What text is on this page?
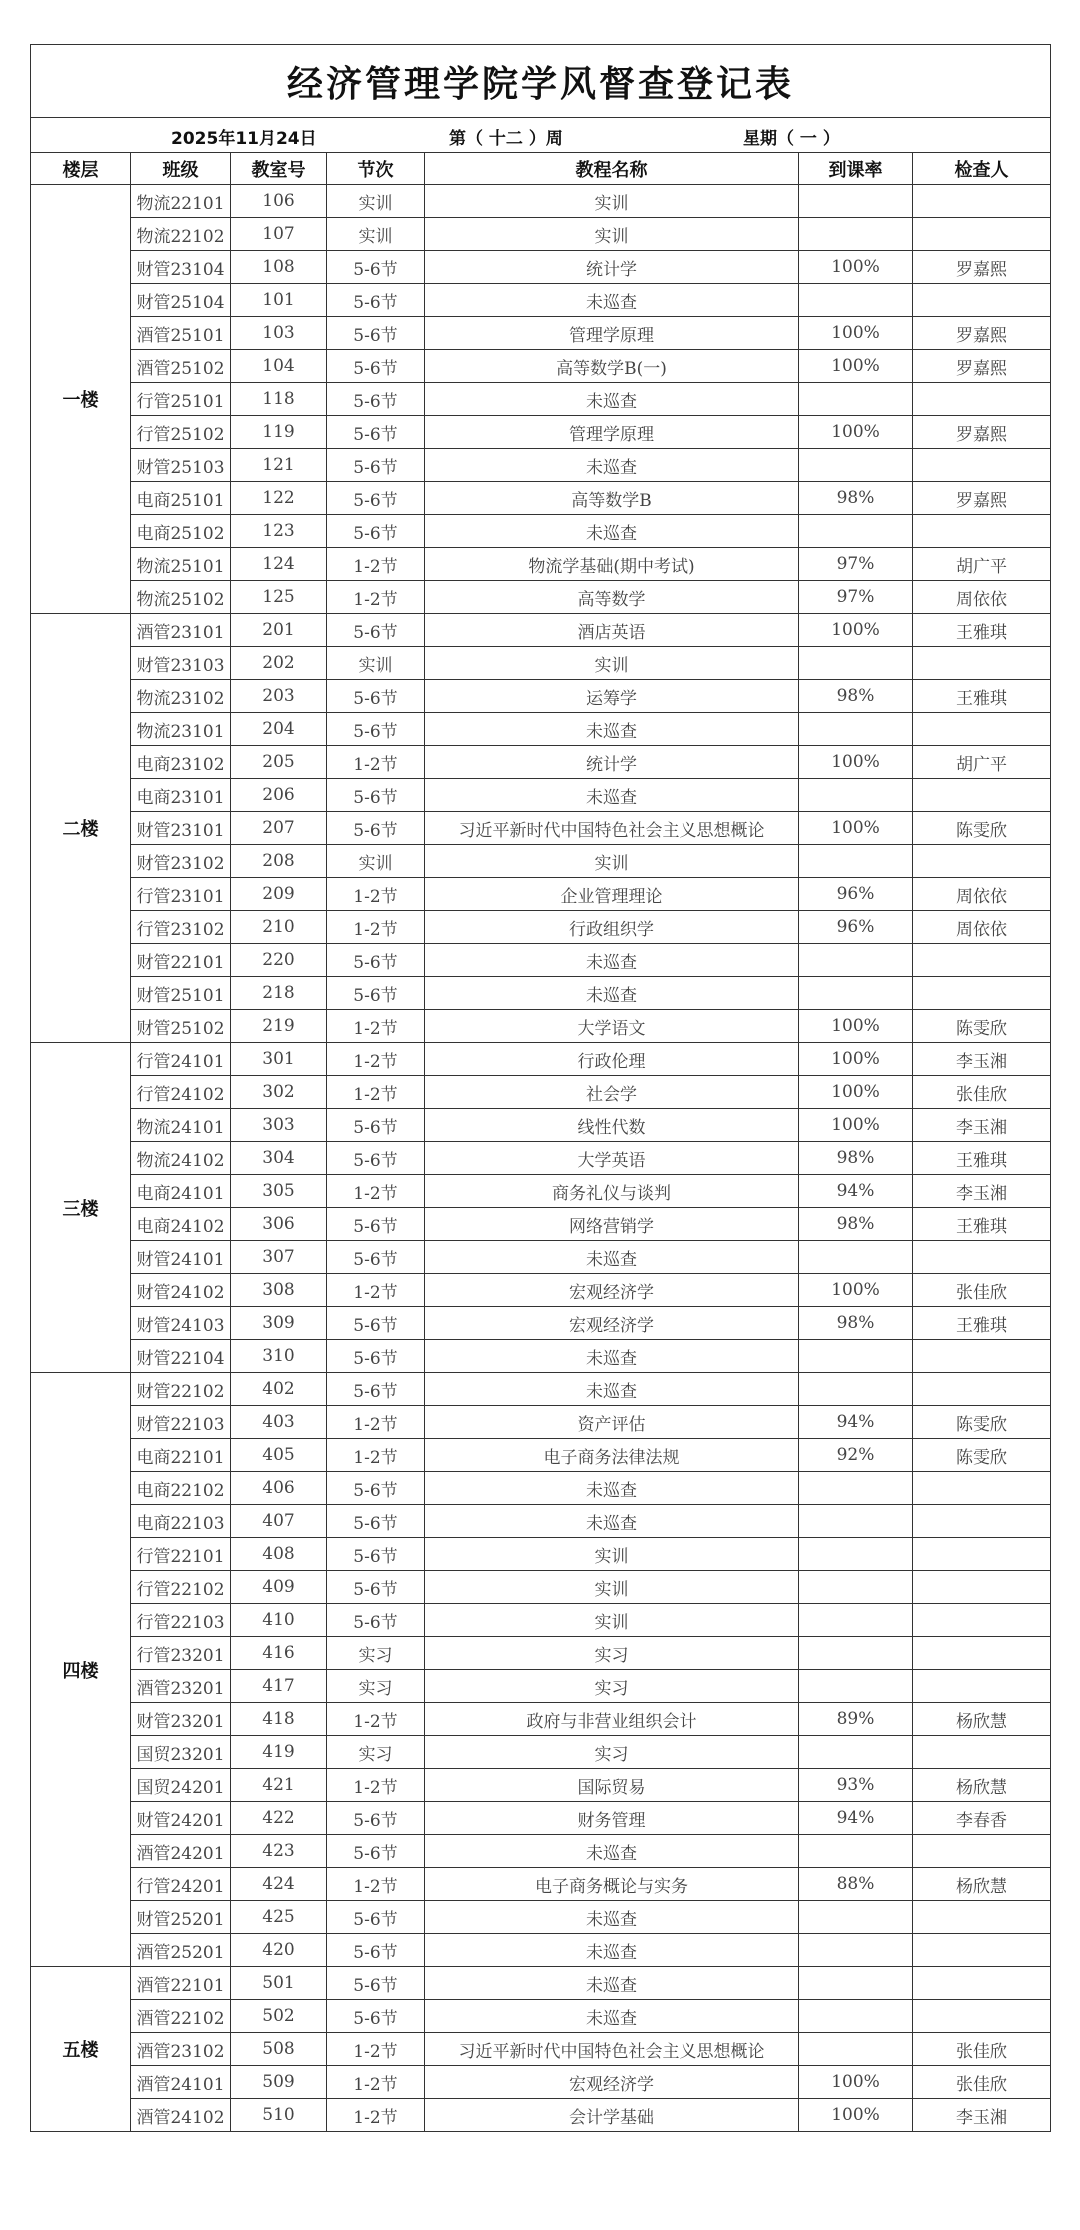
经济管理学院学风督查登记表						

2025年11月24日 第（ 十二 ）周 星期（ 一 ）						

楼层	班级	教室号	节次	教程名称	到课率	检查人
一楼	物流22101	106	实训	实训		
	物流22102	107	实训	实训		
	财管23104	108	5-6节	统计学	100%	罗嘉熙
	财管25104	101	5-6节	未巡查		
	酒管25101	103	5-6节	管理学原理	100%	罗嘉熙
	酒管25102	104	5-6节	高等数学B(一)	100%	罗嘉熙
	行管25101	118	5-6节	未巡查		
	行管25102	119	5-6节	管理学原理	100%	罗嘉熙
	财管25103	121	5-6节	未巡查		
	电商25101	122	5-6节	高等数学B	98%	罗嘉熙
	电商25102	123	5-6节	未巡查		
	物流25101	124	1-2节	物流学基础(期中考试)	97%	胡广平
	物流25102	125	1-2节	高等数学	97%	周依依
二楼	酒管23101	201	5-6节	酒店英语	100%	王雅琪
	财管23103	202	实训	实训		
	物流23102	203	5-6节	运筹学	98%	王雅琪
	物流23101	204	5-6节	未巡查		
	电商23102	205	1-2节	统计学	100%	胡广平
	电商23101	206	5-6节	未巡查		
	财管23101	207	5-6节	习近平新时代中国特色社会主义思想概论	100%	陈雯欣
	财管23102	208	实训	实训		
	行管23101	209	1-2节	企业管理理论	96%	周依依
	行管23102	210	1-2节	行政组织学	96%	周依依
	财管22101	220	5-6节	未巡查		
	财管25101	218	5-6节	未巡查		
	财管25102	219	1-2节	大学语文	100%	陈雯欣
三楼	行管24101	301	1-2节	行政伦理	100%	李玉湘
	行管24102	302	1-2节	社会学	100%	张佳欣
	物流24101	303	5-6节	线性代数	100%	李玉湘
	物流24102	304	5-6节	大学英语	98%	王雅琪
	电商24101	305	1-2节	商务礼仪与谈判	94%	李玉湘
	电商24102	306	5-6节	网络营销学	98%	王雅琪
	财管24101	307	5-6节	未巡查		
	财管24102	308	1-2节	宏观经济学	100%	张佳欣
	财管24103	309	5-6节	宏观经济学	98%	王雅琪
	财管22104	310	5-6节	未巡查		
四楼	财管22102	402	5-6节	未巡查		
	财管22103	403	1-2节	资产评估	94%	陈雯欣
	电商22101	405	1-2节	电子商务法律法规	92%	陈雯欣
	电商22102	406	5-6节	未巡查		
	电商22103	407	5-6节	未巡查		
	行管22101	408	5-6节	实训		
	行管22102	409	5-6节	实训		
	行管22103	410	5-6节	实训		
	行管23201	416	实习	实习		
	酒管23201	417	实习	实习		
	财管23201	418	1-2节	政府与非营业组织会计	89%	杨欣慧
	国贸23201	419	实习	实习		
	国贸24201	421	1-2节	国际贸易	93%	杨欣慧
	财管24201	422	5-6节	财务管理	94%	李春香
	酒管24201	423	5-6节	未巡查		
	行管24201	424	1-2节	电子商务概论与实务	88%	杨欣慧
	财管25201	425	5-6节	未巡查		
	酒管25201	420	5-6节	未巡查		
五楼	酒管22101	501	5-6节	未巡查		
	酒管22102	502	5-6节	未巡查		
	酒管23102	508	1-2节	习近平新时代中国特色社会主义思想概论		张佳欣
	酒管24101	509	1-2节	宏观经济学	100%	张佳欣
	酒管24102	510	1-2节	会计学基础	100%	李玉湘
